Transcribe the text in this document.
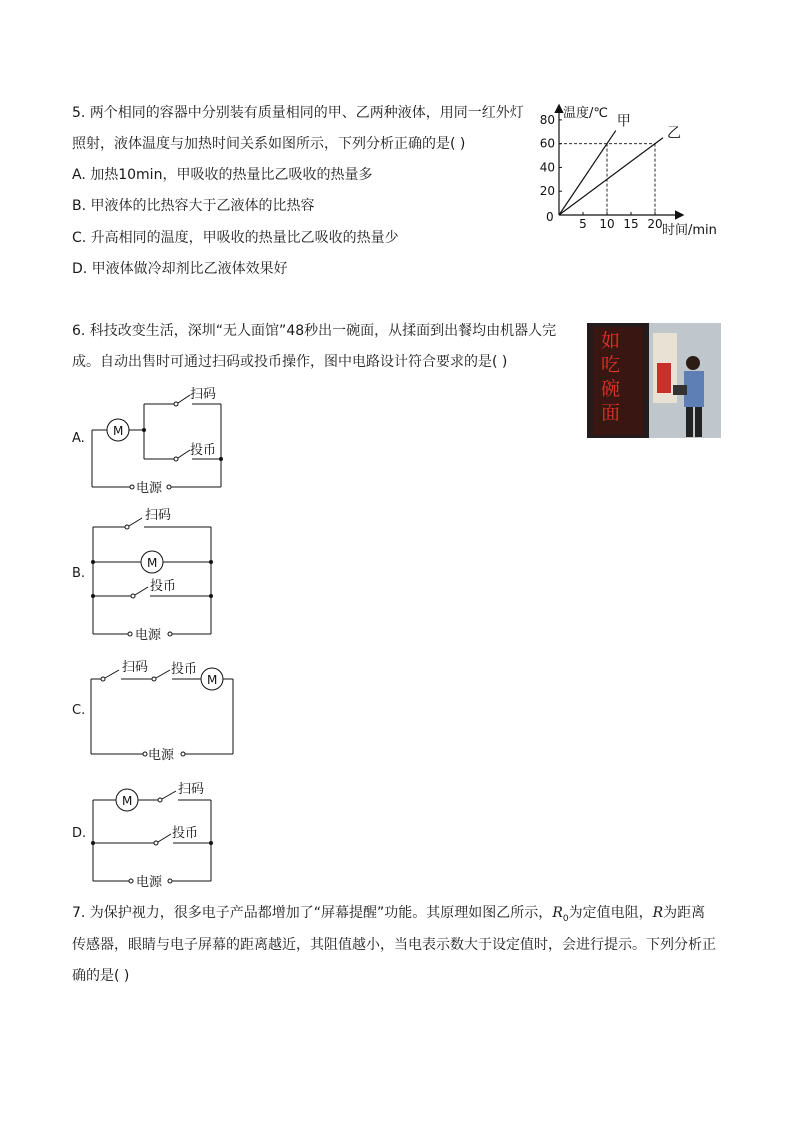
5. 两个相同的容器中分别装有质量相同的甲、乙两种液体，用同一红外灯
照射，液体温度与加热时间关系如图所示，下列分析正确的是( )
A. 加热10min，甲吸收的热量比乙吸收的热量多
B. 甲液体的比热容大于乙液体的比热容
C. 升高相同的温度，甲吸收的热量比乙吸收的热量少
D. 甲液体做冷却剂比乙液体效果好
温度/℃
时间/min
0 5 10 15 20
20
40
60
80	甲
乙
6. 科技改变生活，深圳“无人面馆”48秒出一碗面，从揉面到出餐均由机器人完
成。自动出售时可通过扫码或投币操作，图中电路设计符合要求的是( )
如
吃
碗
面
A. M
扫码
投币
电源
B.
M
扫码
投币
电源
C.
扫码 投币
M
电源
D.
M
扫码
投币
电源
7. 为保护视力，很多电子产品都增加了“屏幕提醒”功能。其原理如图乙所示，$R_0$为定值电阻，R为距离
传感器，眼睛与电子屏幕的距离越近，其阻值越小，当电表示数大于设定值时，会进行提示。下列分析正
确的是( )
